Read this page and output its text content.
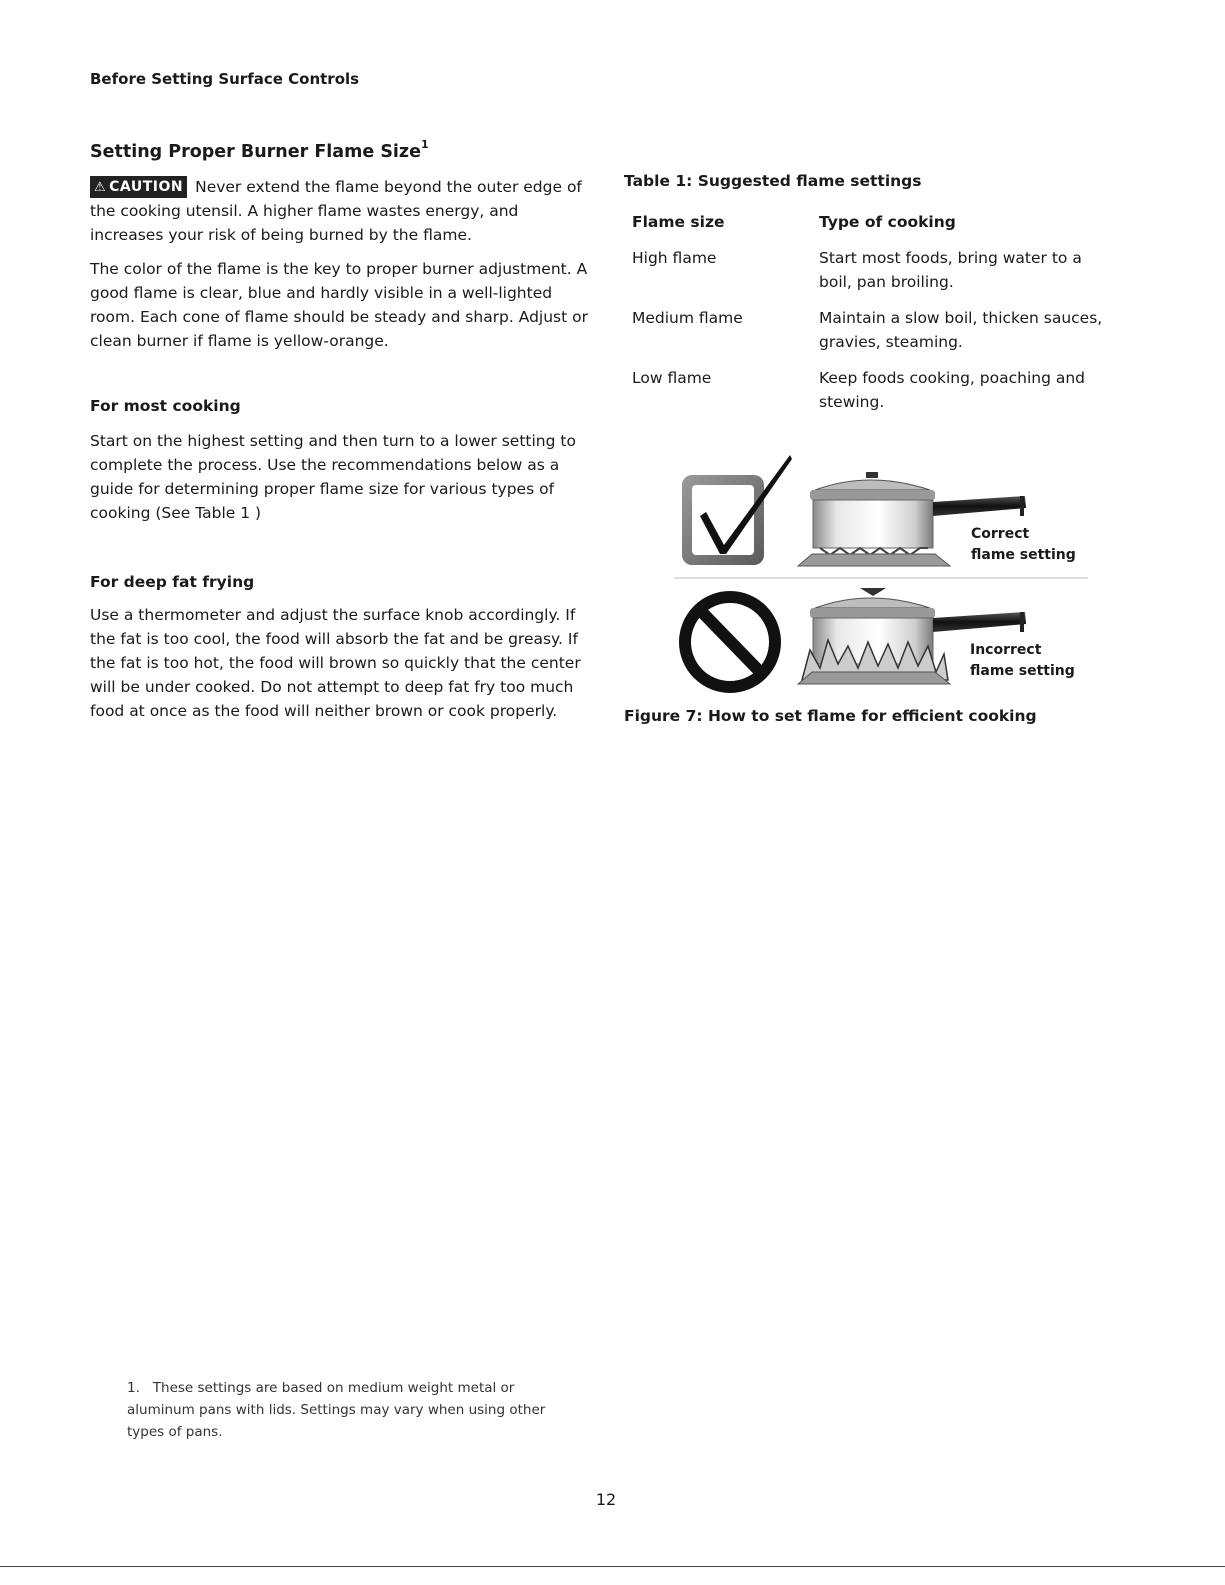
Before Setting Surface Controls
Setting Proper Burner Flame Size$^1$
⚠ CAUTION Never extend the flame beyond the outer edge of the cooking utensil. A higher flame wastes energy, and increases your risk of being burned by the flame.
The color of the flame is the key to proper burner adjustment. A good flame is clear, blue and hardly visible in a well-lighted room. Each cone of flame should be steady and sharp. Adjust or clean burner if flame is yellow-orange.
For most cooking
Start on the highest setting and then turn to a lower setting to complete the process. Use the recommendations below as a guide for determining proper flame size for various types of cooking (See Table 1 )
For deep fat frying
Use a thermometer and adjust the surface knob accordingly. If the fat is too cool, the food will absorb the fat and be greasy. If the fat is too hot, the food will brown so quickly that the center will be under cooked. Do not attempt to deep fat fry too much food at once as the food will neither brown or cook properly.
Table 1: Suggested flame settings
Flame size	Type of cooking
High flame	Start most foods, bring water to a boil, pan broiling.
Medium flame	Maintain a slow boil, thicken sauces, gravies, steaming.
Low flame	Keep foods cooking, poaching and stewing.
Correct
flame setting
Incorrect
flame setting
Figure 7: How to set flame for efficient cooking
1. These settings are based on medium weight metal or aluminum pans with lids. Settings may vary when using other types of pans.
12
